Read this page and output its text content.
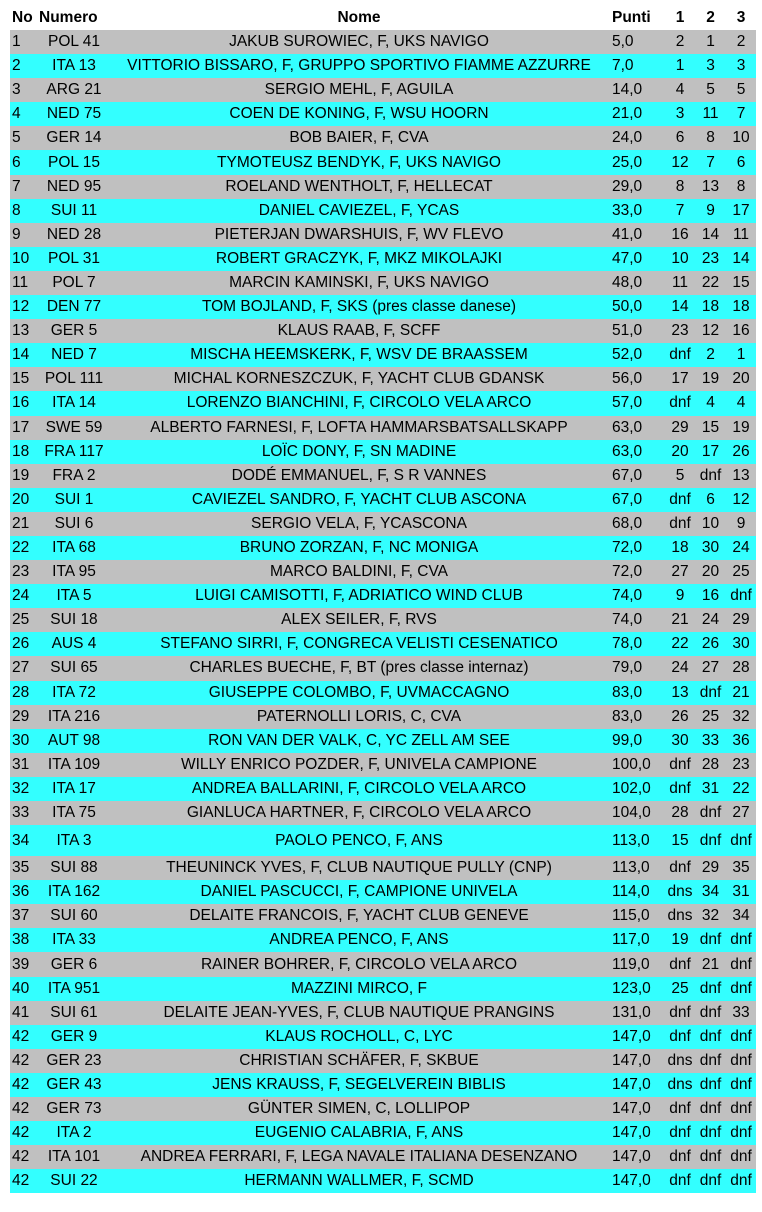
No	Numero	Nome	Punti	1	2	3
1	POL 41	JAKUB SUROWIEC, F, UKS NAVIGO	5,0	2	1	2
2	ITA 13	VITTORIO BISSARO, F, GRUPPO SPORTIVO FIAMME AZZURRE	7,0	1	3	3
3	ARG 21	SERGIO MEHL, F, AGUILA	14,0	4	5	5
4	NED 75	COEN DE KONING, F, WSU HOORN	21,0	3	11	7
5	GER 14	BOB BAIER, F, CVA	24,0	6	8	10
6	POL 15	TYMOTEUSZ BENDYK, F, UKS NAVIGO	25,0	12	7	6
7	NED 95	ROELAND WENTHOLT, F, HELLECAT	29,0	8	13	8
8	SUI 11	DANIEL CAVIEZEL, F, YCAS	33,0	7	9	17
9	NED 28	PIETERJAN DWARSHUIS, F, WV FLEVO	41,0	16	14	11
10	POL 31	ROBERT GRACZYK, F, MKZ MIKOLAJKI	47,0	10	23	14
11	POL 7	MARCIN KAMINSKI, F, UKS NAVIGO	48,0	11	22	15
12	DEN 77	TOM BOJLAND, F, SKS (pres classe danese)	50,0	14	18	18
13	GER 5	KLAUS RAAB, F, SCFF	51,0	23	12	16
14	NED 7	MISCHA HEEMSKERK, F, WSV DE BRAASSEM	52,0	dnf	2	1
15	POL 111	MICHAL KORNESZCZUK, F, YACHT CLUB GDANSK	56,0	17	19	20
16	ITA 14	LORENZO BIANCHINI, F, CIRCOLO VELA ARCO	57,0	dnf	4	4
17	SWE 59	ALBERTO FARNESI, F, LOFTA HAMMARSBATSALLSKAPP	63,0	29	15	19
18	FRA 117	LOÏC DONY, F, SN MADINE	63,0	20	17	26
19	FRA 2	DODÉ EMMANUEL, F, S R VANNES	67,0	5	dnf	13
20	SUI 1	CAVIEZEL SANDRO, F, YACHT CLUB ASCONA	67,0	dnf	6	12
21	SUI 6	SERGIO VELA, F, YCASCONA	68,0	dnf	10	9
22	ITA 68	BRUNO ZORZAN, F, NC MONIGA	72,0	18	30	24
23	ITA 95	MARCO BALDINI, F, CVA	72,0	27	20	25
24	ITA 5	LUIGI CAMISOTTI, F, ADRIATICO WIND CLUB	74,0	9	16	dnf
25	SUI 18	ALEX SEILER, F, RVS	74,0	21	24	29
26	AUS 4	STEFANO SIRRI, F, CONGRECA VELISTI CESENATICO	78,0	22	26	30
27	SUI 65	CHARLES BUECHE, F, BT (pres classe internaz)	79,0	24	27	28
28	ITA 72	GIUSEPPE COLOMBO, F, UVMACCAGNO	83,0	13	dnf	21
29	ITA 216	PATERNOLLI LORIS, C, CVA	83,0	26	25	32
30	AUT 98	RON VAN DER VALK, C, YC ZELL AM SEE	99,0	30	33	36
31	ITA 109	WILLY ENRICO POZDER, F, UNIVELA CAMPIONE	100,0	dnf	28	23
32	ITA 17	ANDREA BALLARINI, F, CIRCOLO VELA ARCO	102,0	dnf	31	22
33	ITA 75	GIANLUCA HARTNER, F, CIRCOLO VELA ARCO	104,0	28	dnf	27
34	ITA 3	PAOLO PENCO, F, ANS	113,0	15	dnf	dnf
35	SUI 88	THEUNINCK YVES, F, CLUB NAUTIQUE PULLY (CNP)	113,0	dnf	29	35
36	ITA 162	DANIEL PASCUCCI, F, CAMPIONE UNIVELA	114,0	dns	34	31
37	SUI 60	DELAITE FRANCOIS, F, YACHT CLUB GENEVE	115,0	dns	32	34
38	ITA 33	ANDREA PENCO, F, ANS	117,0	19	dnf	dnf
39	GER 6	RAINER BOHRER, F, CIRCOLO VELA ARCO	119,0	dnf	21	dnf
40	ITA 951	MAZZINI MIRCO, F	123,0	25	dnf	dnf
41	SUI 61	DELAITE JEAN-YVES, F, CLUB NAUTIQUE PRANGINS	131,0	dnf	dnf	33
42	GER 9	KLAUS ROCHOLL, C, LYC	147,0	dnf	dnf	dnf
42	GER 23	CHRISTIAN SCHÄFER, F, SKBUE	147,0	dns	dnf	dnf
42	GER 43	JENS KRAUSS, F, SEGELVEREIN BIBLIS	147,0	dns	dnf	dnf
42	GER 73	GÜNTER SIMEN, C, LOLLIPOP	147,0	dnf	dnf	dnf
42	ITA 2	EUGENIO CALABRIA, F, ANS	147,0	dnf	dnf	dnf
42	ITA 101	ANDREA FERRARI, F, LEGA NAVALE ITALIANA DESENZANO	147,0	dnf	dnf	dnf
42	SUI 22	HERMANN WALLMER, F, SCMD	147,0	dnf	dnf	dnf
